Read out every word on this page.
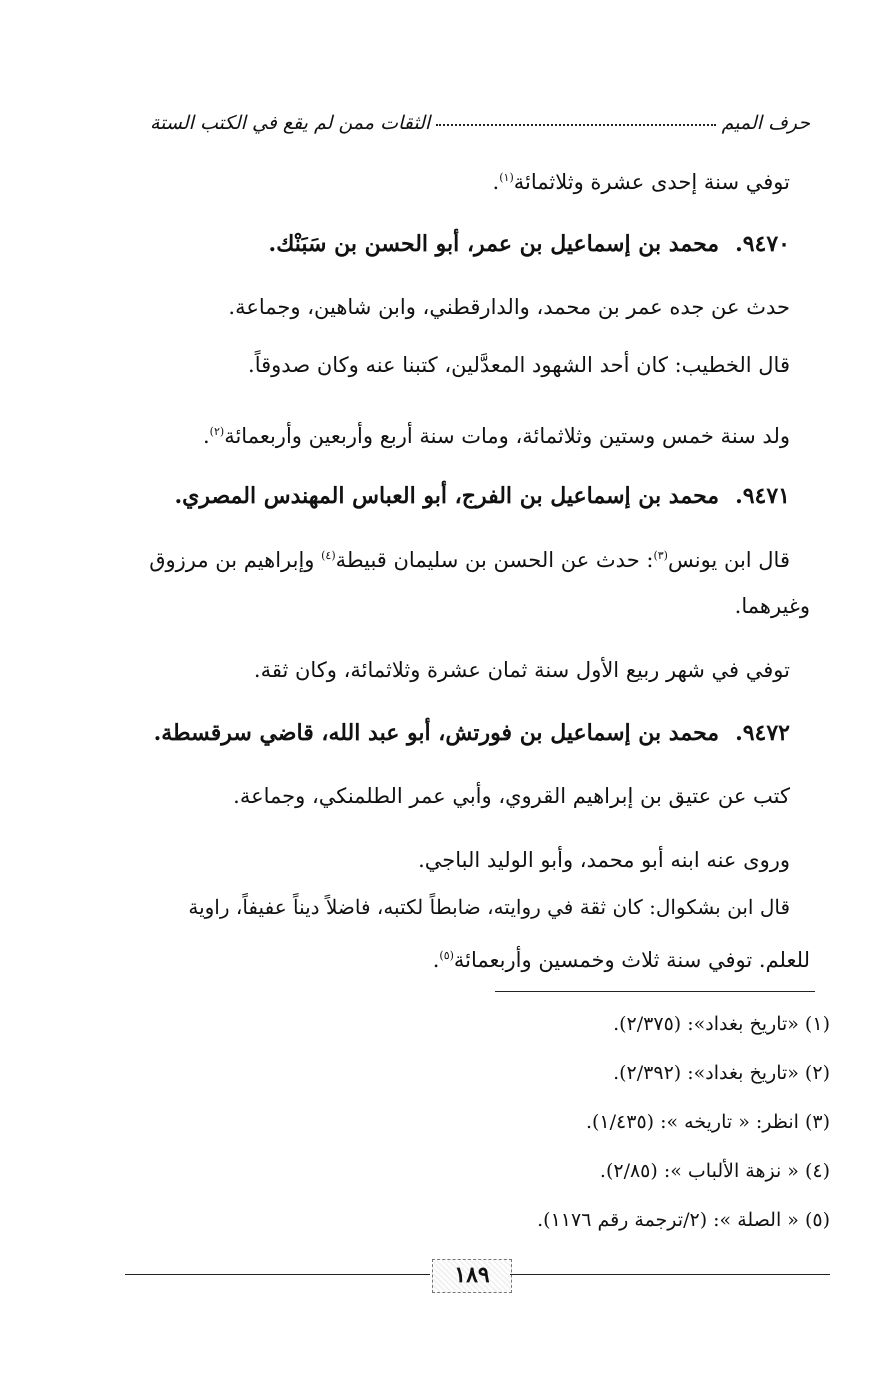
حرف الميم
الثقات ممن لم يقع في الكتب الستة
توفي سنة إحدى عشرة وثلاثمائة$^{(١)}$.
٩٤٧٠.محمد بن إسماعيل بن عمر، أبو الحسن بن سَبَنْك.
حدث عن جده عمر بن محمد، والدارقطني، وابن شاهين، وجماعة.
قال الخطيب: كان أحد الشهود المعدَّلين، كتبنا عنه وكان صدوقاً.
ولد سنة خمس وستين وثلاثمائة، ومات سنة أربع وأربعين وأربعمائة$^{(٢)}$.
٩٤٧١.محمد بن إسماعيل بن الفرج، أبو العباس المهندس المصري.
قال ابن يونس$^{(٣)}$: حدث عن الحسن بن سليمان قبيطة$^{(٤)}$ وإبراهيم بن مرزوق
وغيرهما.
توفي في شهر ربيع الأول سنة ثمان عشرة وثلاثمائة، وكان ثقة.
٩٤٧٢.محمد بن إسماعيل بن فورتش، أبو عبد الله، قاضي سرقسطة.
كتب عن عتيق بن إبراهيم القروي، وأبي عمر الطلمنكي، وجماعة.
وروى عنه ابنه أبو محمد، وأبو الوليد الباجي.
قال ابن بشكوال: كان ثقة في روايته، ضابطاً لكتبه، فاضلاً ديناً عفيفاً، راوية
للعلم. توفي سنة ثلاث وخمسين وأربعمائة$^{(٥)}$.
(١) «تاريخ بغداد»: (٢/٣٧٥).
(٢) «تاريخ بغداد»: (٢/٣٩٢).
(٣) انظر: « تاريخه »: (١/٤٣٥).
(٤) « نزهة الألباب »: (٢/٨٥).
(٥) « الصلة »: (٢/ترجمة رقم ١١٧٦).
١٨٩
